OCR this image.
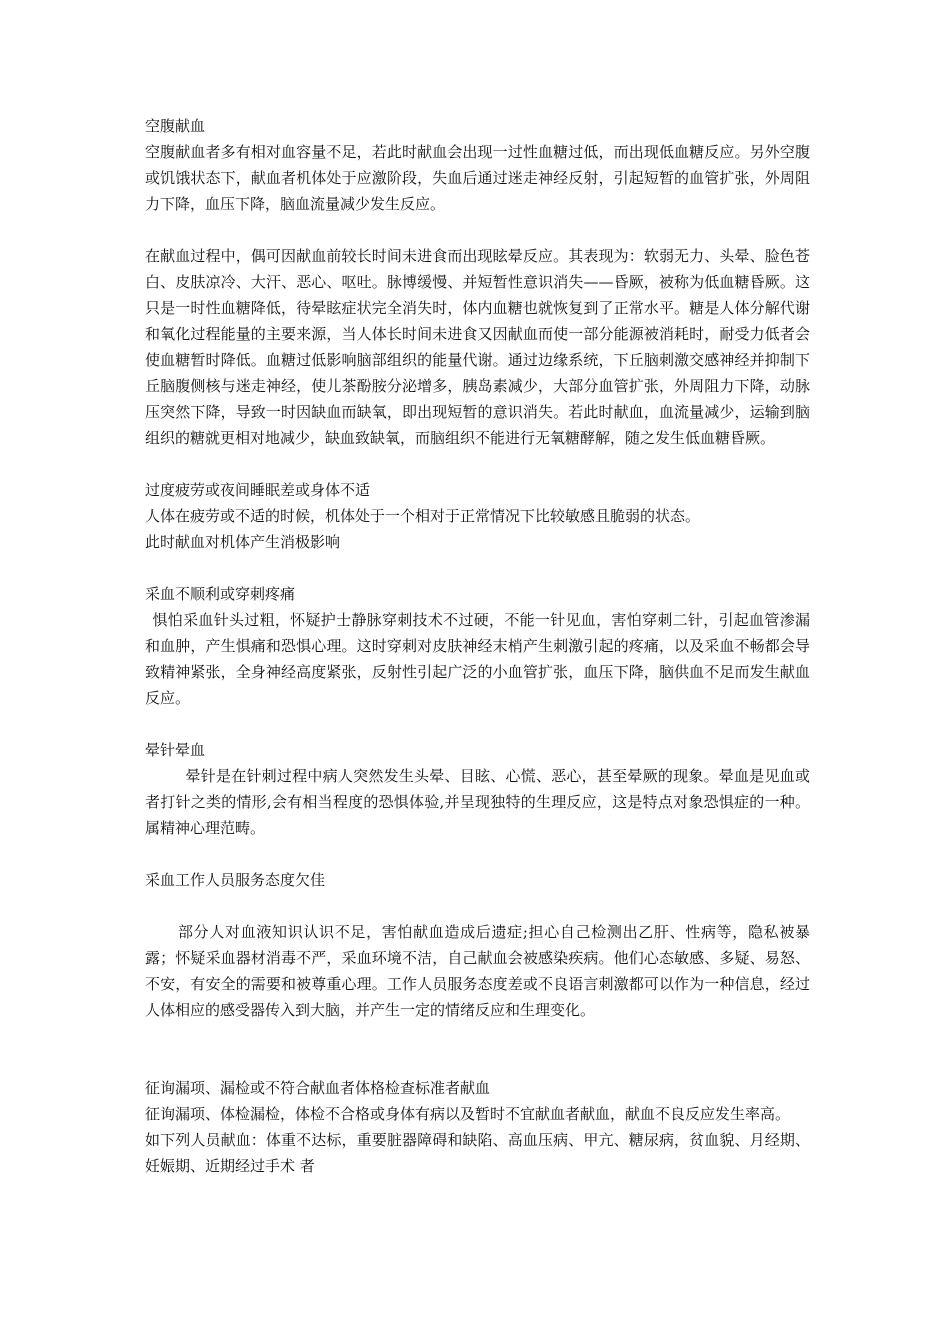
空腹献血

空腹献血者多有相对血容量不足，若此时献血会出现一过性血糖过低，而出现低血糖反应。另外空腹或饥饿状态下，献血者机体处于应激阶段，失血后通过迷走神经反射，引起短暂的血管扩张，外周阻力下降，血压下降，脑血流量减少发生反应。

在献血过程中，偶可因献血前较长时间未进食而出现眩晕反应。其表现为：软弱无力、头晕、脸色苍白、皮肤凉冷、大汗、恶心、呕吐。脉博缓慢、并短暂性意识消失——昏厥，被称为低血糖昏厥。这只是一时性血糖降低，待晕眩症状完全消失时，体内血糖也就恢复到了正常水平。糖是人体分解代谢和氧化过程能量的主要来源，当人体长时间未进食又因献血而使一部分能源被消耗时，耐受力低者会使血糖暂时降低。血糖过低影响脑部组织的能量代谢。通过边缘系统，下丘脑刺激交感神经并抑制下丘脑腹侧核与迷走神经，使儿茶酚胺分泌增多，胰岛素减少，大部分血管扩张，外周阻力下降，动脉压突然下降，导致一时因缺血而缺氧，即出现短暂的意识消失。若此时献血，血流量减少，运输到脑组织的糖就更相对地减少，缺血致缺氧，而脑组织不能进行无氧糖酵解，随之发生低血糖昏厥。

过度疲劳或夜间睡眠差或身体不适

人体在疲劳或不适的时候，机体处于一个相对于正常情况下比较敏感且脆弱的状态。

此时献血对机体产生消极影响

采血不顺利或穿刺疼痛

惧怕采血针头过粗，怀疑护士静脉穿刺技术不过硬，不能一针见血，害怕穿刺二针，引起血管渗漏和血肿，产生惧痛和恐惧心理。这时穿刺对皮肤神经末梢产生刺激引起的疼痛，以及采血不畅都会导致精神紧张，全身神经高度紧张，反射性引起广泛的小血管扩张，血压下降，脑供血不足而发生献血反应。

晕针晕血

晕针是在针刺过程中病人突然发生头晕、目眩、心慌、恶心，甚至晕厥的现象。晕血是见血或者打针之类的情形,会有相当程度的恐惧体验,并呈现独特的生理反应，这是特点对象恐惧症的一种。属精神心理范畴。

采血工作人员服务态度欠佳

部分人对血液知识认识不足，害怕献血造成后遗症;担心自己检测出乙肝、性病等，隐私被暴露；怀疑采血器材消毒不严，采血环境不洁，自己献血会被感染疾病。他们心态敏感、多疑、易怒、不安，有安全的需要和被尊重心理。工作人员服务态度差或不良语言刺激都可以作为一种信息，经过人体相应的感受器传入到大脑，并产生一定的情绪反应和生理变化。

征询漏项、漏检或不符合献血者体格检查标准者献血

征询漏项、体检漏检，体检不合格或身体有病以及暂时不宜献血者献血，献血不良反应发生率高。

如下列人员献血：体重不达标，重要脏器障碍和缺陷、高血压病、甲亢、糖尿病，贫血貌、月经期、妊娠期、近期经过手术 者
